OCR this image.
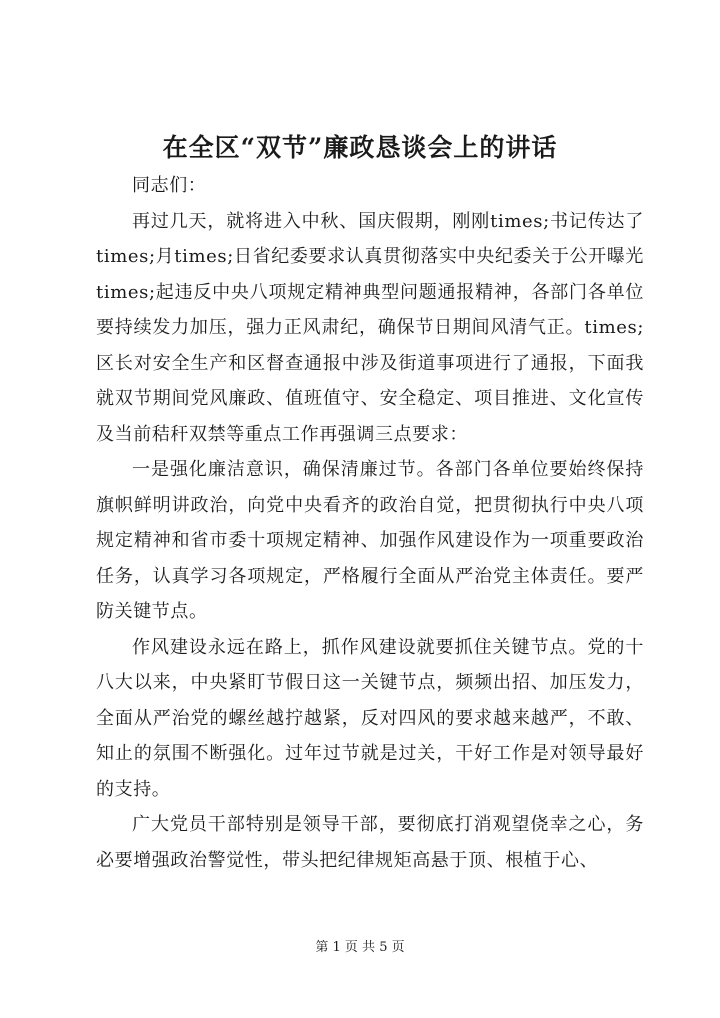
在全区“双节”廉政恳谈会上的讲话

同志们：

再过几天，就将进入中秋、国庆假期，刚刚times;书记传达了times;月times;日省纪委要求认真贯彻落实中央纪委关于公开曝光times;起违反中央八项规定精神典型问题通报精神，各部门各单位要持续发力加压，强力正风肃纪，确保节日期间风清气正。times;区长对安全生产和区督查通报中涉及街道事项进行了通报，下面我就双节期间党风廉政、值班值守、安全稳定、项目推进、文化宣传及当前秸秆双禁等重点工作再强调三点要求：

一是强化廉洁意识，确保清廉过节。各部门各单位要始终保持旗帜鲜明讲政治，向党中央看齐的政治自觉，把贯彻执行中央八项规定精神和省市委十项规定精神、加强作风建设作为一项重要政治任务，认真学习各项规定，严格履行全面从严治党主体责任。要严防关键节点。

作风建设永远在路上，抓作风建设就要抓住关键节点。党的十八大以来，中央紧盯节假日这一关键节点，频频出招、加压发力，全面从严治党的螺丝越拧越紧，反对四风的要求越来越严，不敢、知止的氛围不断强化。过年过节就是过关，干好工作是对领导最好的支持。

广大党员干部特别是领导干部，要彻底打消观望侥幸之心，务必要增强政治警觉性，带头把纪律规矩高悬于顶、根植于心、

第 1 页 共 5 页
